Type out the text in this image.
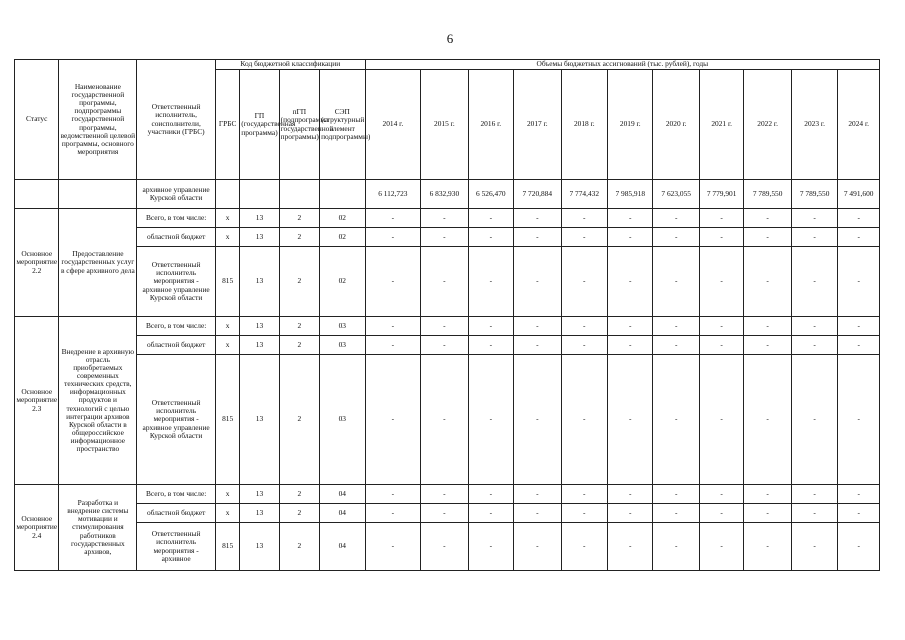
6
Статус	Наименование государственной программы, подпрограммы государственной программы, ведомственной целевой программы, основного мероприятия	Ответственный исполнитель, соисполнители, участники (ГРБС)	Код бюджетной классификации				Объемы бюджетных ассигнований (тыс. рублей), годы										
			ГРБС	ГП (государственная программа)	пГП (подпрограмма государственной программы)	СЭП (структурный элемент подпрограммы)	2014 г.	2015 г.	2016 г.	2017 г.	2018 г.	2019 г.	2020 г.	2021 г.	2022 г.	2023 г.	2024 г.
		архивное управление Курской области					6 112,723	6 832,930	6 526,470	7 720,884	7 774,432	7 985,918	7 623,055	7 779,901	7 789,550	7 789,550	7 491,600
Основное мероприятие 2.2	Предоставление государственных услуг в сфере архивного дела	Всего, в том числе:	х	13	2	02	-	-	-	-	-	-	-	-	-	-	-
		областной бюджет	х	13	2	02	-	-	-	-	-	-	-	-	-	-	-
		Ответственный исполнитель мероприятия - архивное управление Курской области	815	13	2	02	-	-	-	-	-	-	-	-	-	-	-
Основное мероприятие 2.3	Внедрение в архивную отрасль приобретаемых современных технических средств, информационных продуктов и технологий с целью интеграции архивов Курской области в общероссийское информационное пространство	Всего, в том числе:	х	13	2	03	-	-	-	-	-	-	-	-	-	-	-
		областной бюджет	х	13	2	03	-	-	-	-	-	-	-	-	-	-	-
		Ответственный исполнитель мероприятия - архивное управление Курской области	815	13	2	03	-	-	-	-	-	-	-	-	-	-	-
Основное мероприятие 2.4	Разработка и внедрение системы мотивации и стимулирования работников государственных архивов,	Всего, в том числе:	х	13	2	04	-	-	-	-	-	-	-	-	-	-	-
		областной бюджет	х	13	2	04	-	-	-	-	-	-	-	-	-	-	-
		Ответственный исполнитель мероприятия - архивное	815	13	2	04	-	-	-	-	-	-	-	-	-	-	-
